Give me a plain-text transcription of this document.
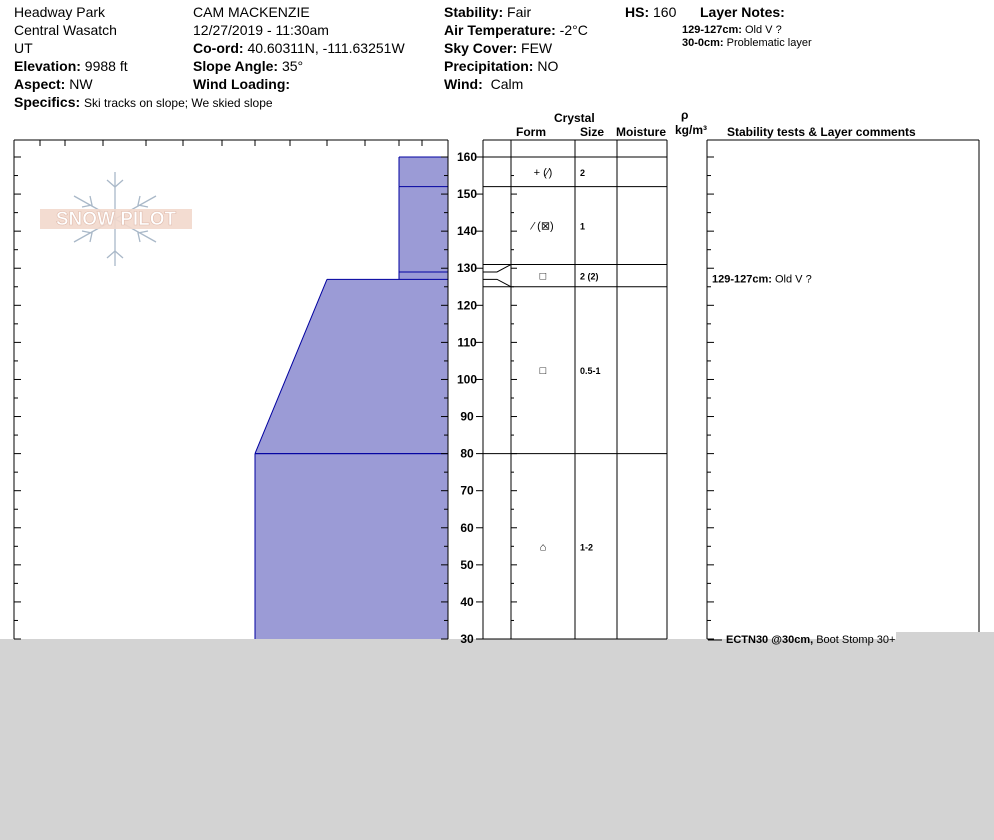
Headway Park
Central Wasatch
UT
Elevation: 9988 ft
Aspect: NW
Specifics: Ski tracks on slope; We skied slope
CAM MACKENZIE
12/27/2019 - 11:30am
Co-ord: 40.60311N, -111.63251W
Slope Angle: 35°
Wind Loading:
Stability: Fair
Air Temperature: -2°C
Sky Cover: FEW
Precipitation: NO
Wind: Calm
HS: 160 Layer Notes:
129-127cm: Old V ?
30-0cm: Problematic layer
Crystal
Form	Size Moisture
ρ
kg/m³ Stability tests & Layer comments
SNOW PILOT
160
150
140
130
120
110
100
90
80
70
60
50
40
30
+ (⁄)	2
⁄ (⊠)	1
□	2 (2)
□	0.5-1
⌂	1-2
129-127cm: Old V ?
ECTN30 @30cm, Boot Stomp 30+
